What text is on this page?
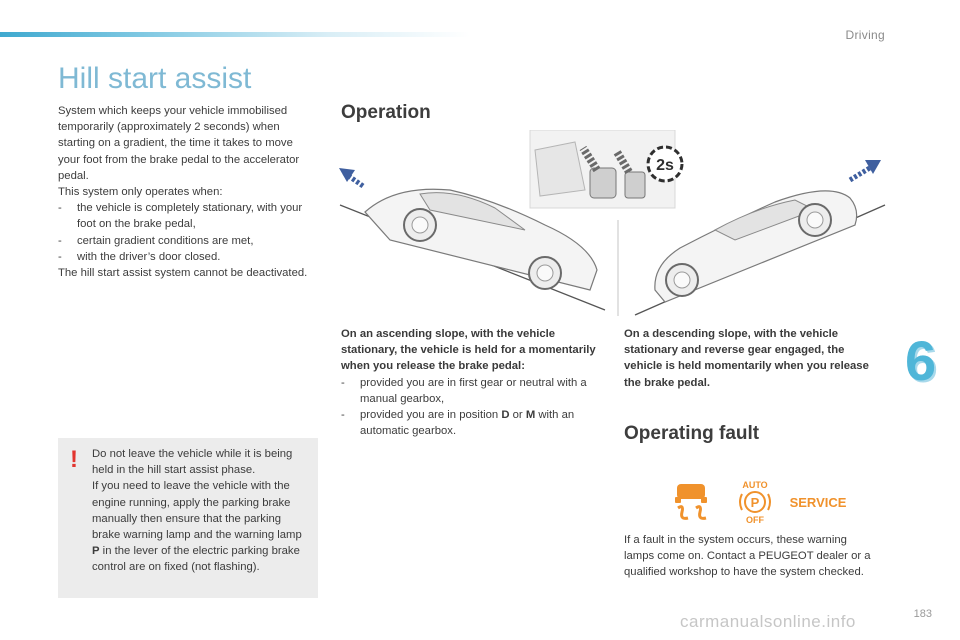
Driving
Hill start assist

System which keeps your vehicle immobilised temporarily (approximately 2 seconds) when starting on a gradient, the time it takes to move your foot from the brake pedal to the accelerator pedal.

This system only operates when:

-	the vehicle is completely stationary, with your foot on the brake pedal,
-	certain gradient conditions are met,
-	with the driver’s door closed.

The hill start assist system cannot be deactivated.

Operation
2s

On an ascending slope, with the vehicle stationary, the vehicle is held for a momentarily when you release the brake pedal:

-	provided you are in first gear or neutral with a manual gearbox,
-	provided you are in position D or M with an automatic gearbox.

On a descending slope, with the vehicle stationary and reverse gear engaged, the vehicle is held momentarily when you release the brake pedal.

Operating fault
AUTO
P
OFF
SERVICE

If a fault in the system occurs, these warning lamps come on. Contact a PEUGEOT dealer or a qualified workshop to have the system checked.

! Do not leave the vehicle while it is being held in the hill start assist phase.

If you need to leave the vehicle with the engine running, apply the parking brake manually then ensure that the parking brake warning lamp and the warning lamp P in the lever of the electric parking brake control are on fixed (not flashing).

6
183
carmanualsonline.info
